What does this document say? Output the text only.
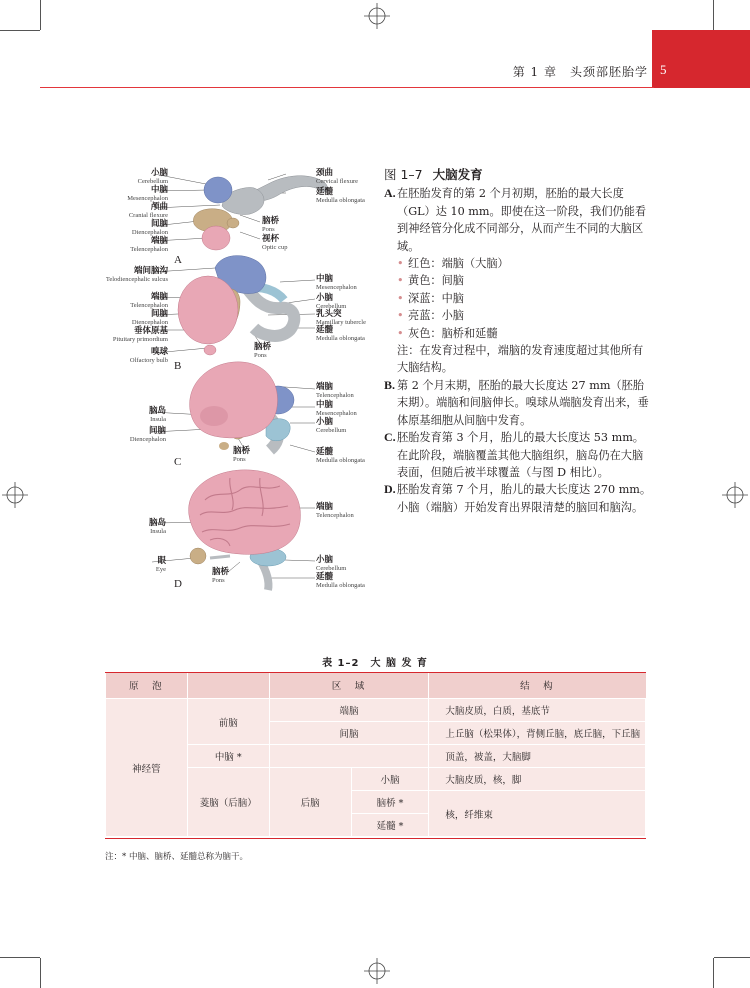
第 1 章　头颈部胚胎学 5
A
B
C
D
小脑
Cerebellum
中脑
Mesencephalon
颅曲
Cranial flexure
间脑
Diencephalon
端脑
Telencephalon
颈曲
Cervical flexure
延髓
Medulla oblongata
脑桥
Pons
视杯
Optic cup
端间脑沟
Telodiencephalic sulcus
端脑
Telencephalon
间脑
Diencephalon
垂体原基
Pituitary primordium
嗅球
Olfactory bulb
中脑
Mesencephalon
小脑
Cerebellum
乳头突
Mamillary tubercle
延髓
Medulla oblongata
脑桥
Pons
脑岛
Insula
间脑
Diencephalon
脑桥
Pons
端脑
Telencephalon
中脑
Mesencephalon
小脑
Cerebellum
延髓
Medulla oblongata
端脑
Telencephalon
脑岛
Insula
眼
Eye	脑桥
Pons
小脑
Cerebellum
延髓
Medulla oblongata
图 1–7 大脑发育

A. 在胚胎发育的第 2 个月初期，胚胎的最大长度（GL）达 10 mm。即使在这一阶段，我们仍能看到神经管分化成不同部分，从而产生不同的大脑区域。

• 红色：端脑（大脑）

• 黄色：间脑

• 深蓝：中脑

• 亮蓝：小脑

• 灰色：脑桥和延髓

注：在发育过程中，端脑的发育速度超过其他所有大脑结构。

B. 第 2 个月末期，胚胎的最大长度达 27 mm（胚胎末期）。端脑和间脑伸长。嗅球从端脑发育出来，垂体原基细胞从间脑中发育。

C. 胚胎发育第 3 个月，胎儿的最大长度达 53 mm。在此阶段，端脑覆盖其他大脑组织，脑岛仍在大脑表面，但随后被半球覆盖（与图 D 相比）。

D. 胚胎发育第 7 个月，胎儿的最大长度达 270 mm。小脑（端脑）开始发育出界限清楚的脑回和脑沟。

表 1–2　大 脑 发 育
原　泡		区　域		结　构
神经管	前脑	端脑		大脑皮质，白质，基底节
		间脑		上丘脑（松果体），背侧丘脑，底丘脑，下丘脑
	中脑 *			顶盖，被盖，大脑脚
	菱脑（后脑）	后脑	小脑	大脑皮质，核，脚
			脑桥 *	核，纤维束
			延髓 *	
注：* 中脑、脑桥、延髓总称为脑干。
